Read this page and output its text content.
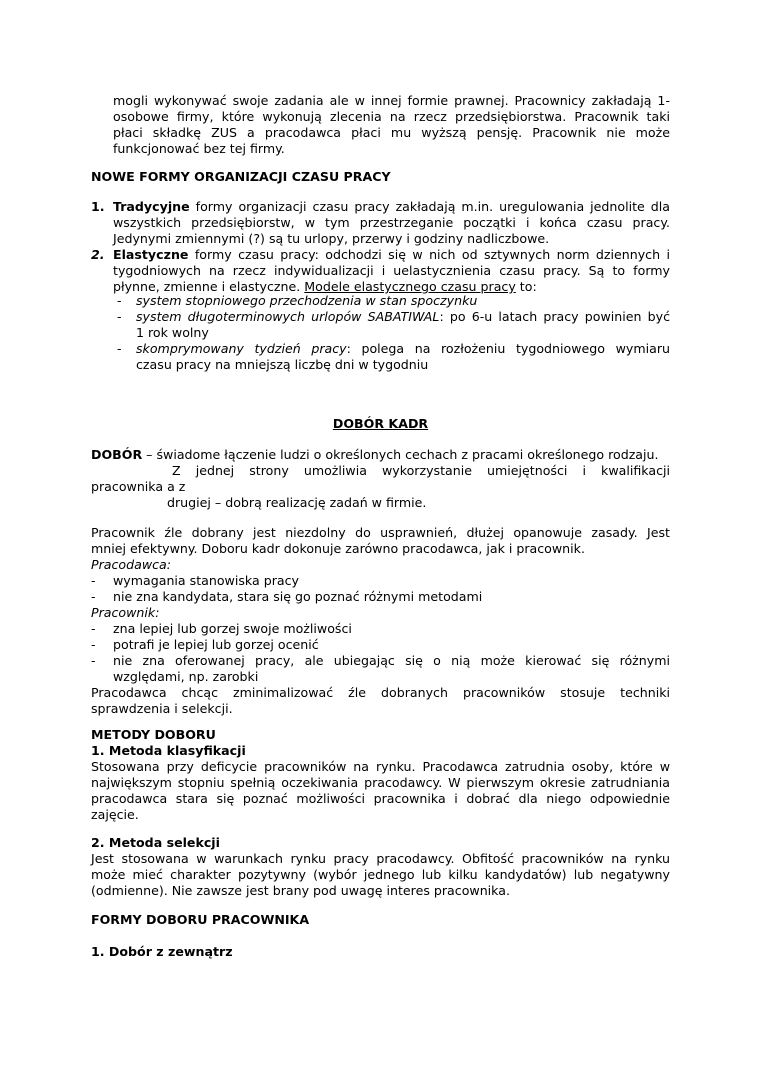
mogli wykonywać swoje zadania ale w innej formie prawnej. Pracownicy zakładają 1-
osobowe firmy, które wykonują zlecenia na rzecz przedsiębiorstwa. Pracownik taki
płaci składkę ZUS a pracodawca płaci mu wyższą pensję. Pracownik nie może
funkcjonować bez tej firmy.
NOWE FORMY ORGANIZACJI CZASU PRACY
1. Tradycyjne formy organizacji czasu pracy zakładają m.in. uregulowania jednolite dla
wszystkich przedsiębiorstw, w tym przestrzeganie początki i końca czasu pracy.
Jedynymi zmiennymi (?) są tu urlopy, przerwy i godziny nadliczbowe.
2. Elastyczne formy czasu pracy: odchodzi się w nich od sztywnych norm dziennych i
tygodniowych na rzecz indywidualizacji i uelastycznienia czasu pracy. Są to formy
płynne, zmienne i elastyczne. Modele elastycznego czasu pracy to:
- system stopniowego przechodzenia w stan spoczynku
- system długoterminowych urlopów SABATIWAL: po 6-u latach pracy powinien być
1 rok wolny
- skomprymowany tydzień pracy: polega na rozłożeniu tygodniowego wymiaru
czasu pracy na mniejszą liczbę dni w tygodniu
DOBÓR KADR
DOBÓR – świadome łączenie ludzi o określonych cechach z pracami określonego rodzaju.
Z jednej strony umożliwia wykorzystanie umiejętności i kwalifikacji
pracownika a z
drugiej – dobrą realizację zadań w firmie.
Pracownik źle dobrany jest niezdolny do usprawnień, dłużej opanowuje zasady. Jest
mniej efektywny. Doboru kadr dokonuje zarówno pracodawca, jak i pracownik.
Pracodawca:
- wymagania stanowiska pracy
- nie zna kandydata, stara się go poznać różnymi metodami
Pracownik:
- zna lepiej lub gorzej swoje możliwości
- potrafi je lepiej lub gorzej ocenić
- nie zna oferowanej pracy, ale ubiegając się o nią może kierować się różnymi
względami, np. zarobki
Pracodawca chcąc zminimalizować źle dobranych pracowników stosuje techniki
sprawdzenia i selekcji.
METODY DOBORU
1. Metoda klasyfikacji
Stosowana przy deficycie pracowników na rynku. Pracodawca zatrudnia osoby, które w
największym stopniu spełnią oczekiwania pracodawcy. W pierwszym okresie zatrudniania
pracodawca stara się poznać możliwości pracownika i dobrać dla niego odpowiednie
zajęcie.
2. Metoda selekcji
Jest stosowana w warunkach rynku pracy pracodawcy. Obfitość pracowników na rynku
może mieć charakter pozytywny (wybór jednego lub kilku kandydatów) lub negatywny
(odmienne). Nie zawsze jest brany pod uwagę interes pracownika.
FORMY DOBORU PRACOWNIKA
1. Dobór z zewnątrz
